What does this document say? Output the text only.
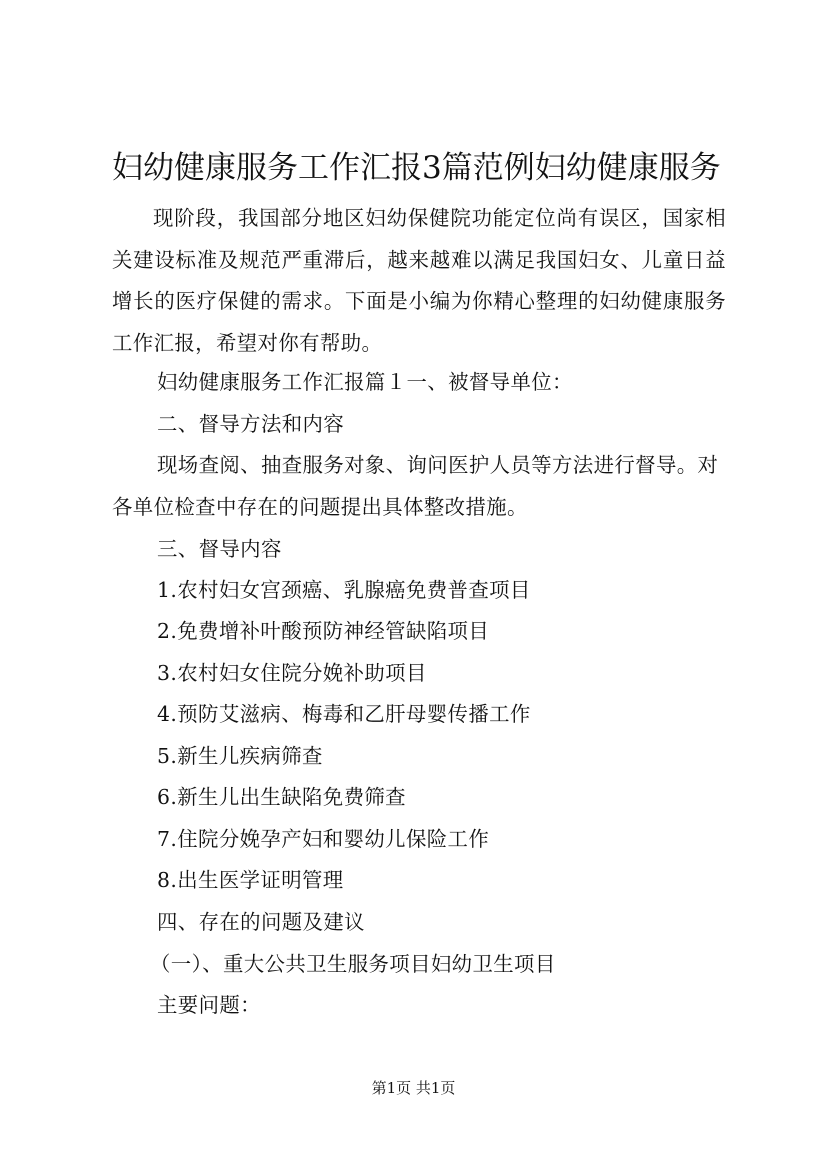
妇幼健康服务工作汇报3篇范例妇幼健康服务
现阶段，我国部分地区妇幼保健院功能定位尚有误区，国家相关建设标准及规范严重滞后，越来越难以满足我国妇女、儿童日益增长的医疗保健的需求。下面是小编为你精心整理的妇幼健康服务工作汇报，希望对你有帮助。
妇幼健康服务工作汇报篇１一、被督导单位：
二、督导方法和内容
现场查阅、抽查服务对象、询问医护人员等方法进行督导。对各单位检查中存在的问题提出具体整改措施。
三、督导内容
1.农村妇女宫颈癌、乳腺癌免费普查项目
2.免费增补叶酸预防神经管缺陷项目
3.农村妇女住院分娩补助项目
4.预防艾滋病、梅毒和乙肝母婴传播工作
5.新生儿疾病筛查
6.新生儿出生缺陷免费筛查
7.住院分娩孕产妇和婴幼儿保险工作
8.出生医学证明管理
四、存在的问题及建议
（一）、重大公共卫生服务项目妇幼卫生项目
主要问题：
第1页 共1页
